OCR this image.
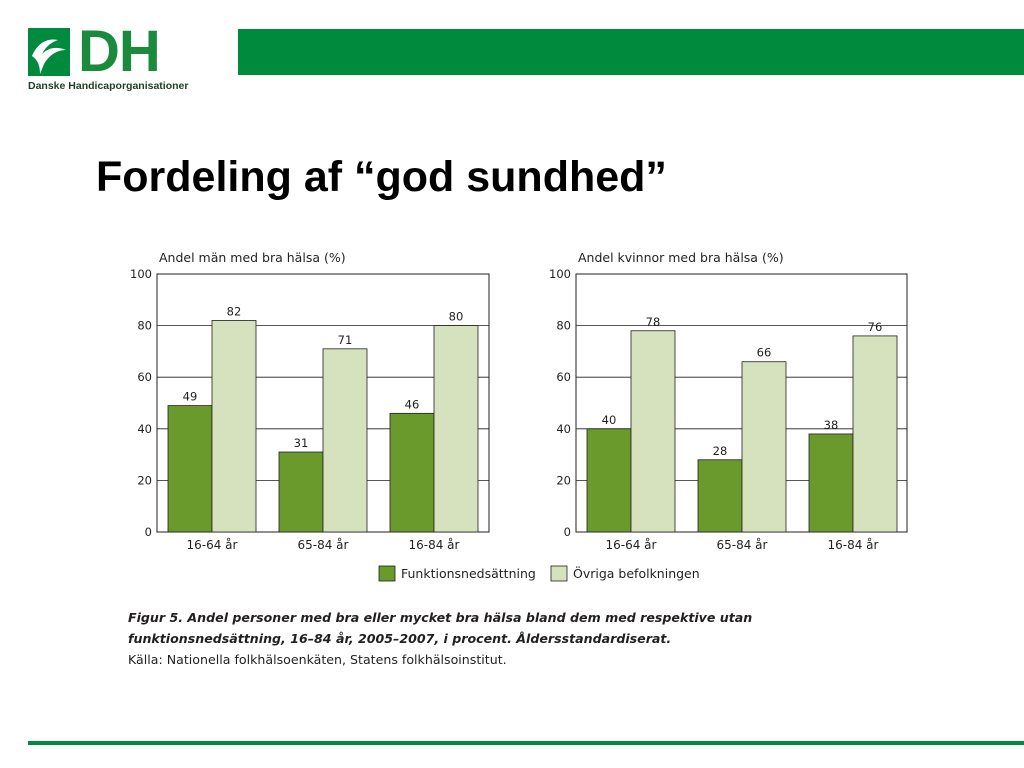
DH
Danske Handicaporganisationer
Fordeling af “god sundhed”
Andel män med bra hälsa (%)
0
20
40
60
80
100
49
82
16-64 år
31
71
65-84 år
46
80
16-84 år
Andel kvinnor med bra hälsa (%)
0
20
40
60
80
100
40
78
16-64 år
28
66
65-84 år
38
76
16-84 år
Funktionsnedsättning	Övriga befolkningen

Figur 5. Andel personer med bra eller mycket bra hälsa bland dem med respektive utan funktionsnedsättning, 16–84 år, 2005–2007, i procent. Åldersstandardiserat.

Källa: Nationella folkhälsoenkäten, Statens folkhälsoinstitut.
